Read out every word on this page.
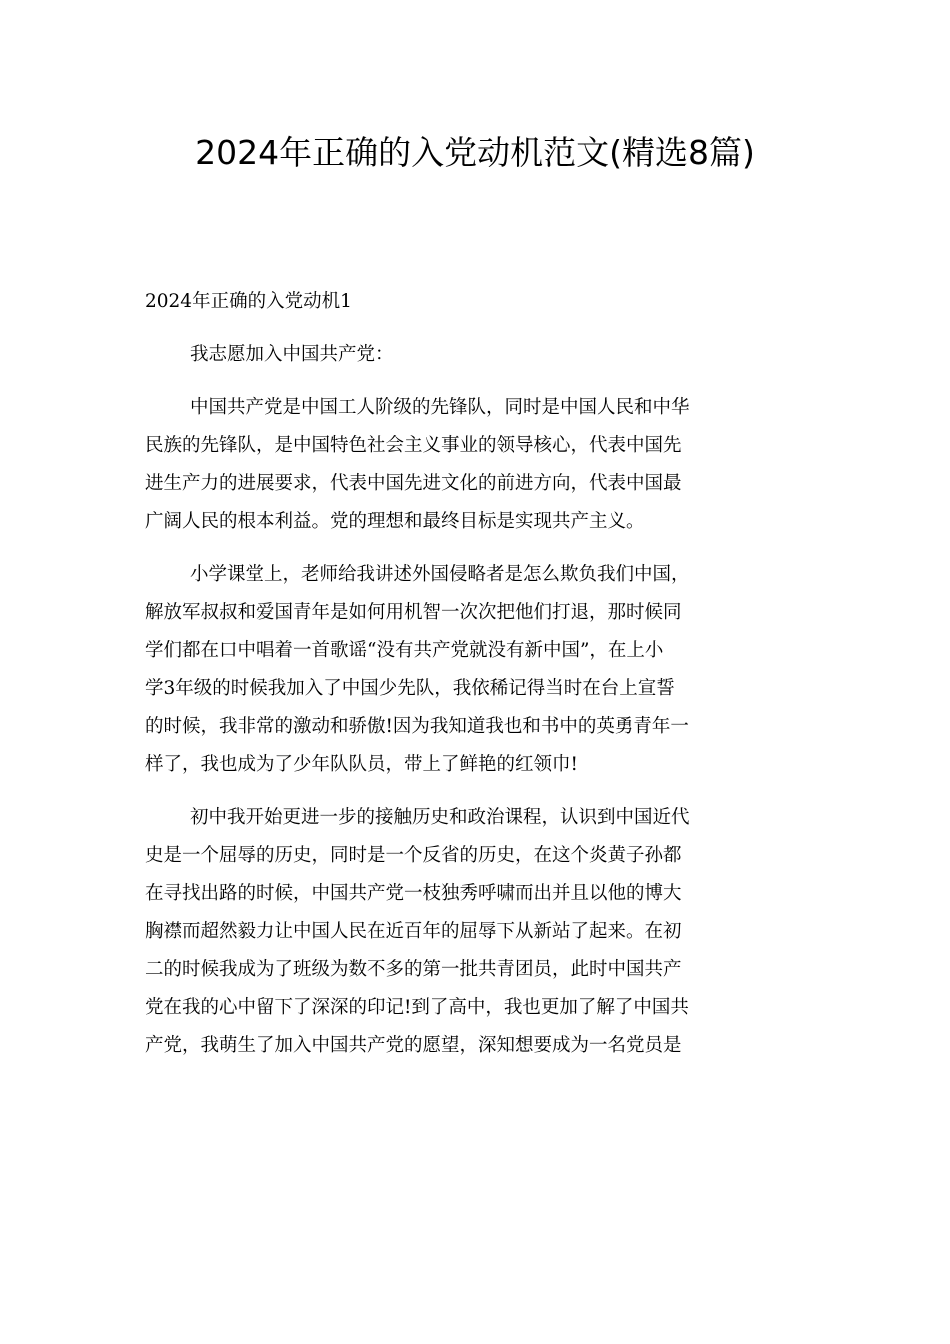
2024年正确的入党动机范文(精选8篇)
2024年正确的入党动机1
我志愿加入中国共产党：
中国共产党是中国工人阶级的先锋队，同时是中国人民和中华
民族的先锋队，是中国特色社会主义事业的领导核心，代表中国先
进生产力的进展要求，代表中国先进文化的前进方向，代表中国最
广阔人民的根本利益。党的理想和最终目标是实现共产主义。
小学课堂上，老师给我讲述外国侵略者是怎么欺负我们中国，
解放军叔叔和爱国青年是如何用机智一次次把他们打退，那时候同
学们都在口中唱着一首歌谣“没有共产党就没有新中国”，在上小
学3年级的时候我加入了中国少先队，我依稀记得当时在台上宣誓
的时候，我非常的激动和骄傲!因为我知道我也和书中的英勇青年一
样了，我也成为了少年队队员，带上了鲜艳的红领巾!
初中我开始更进一步的接触历史和政治课程，认识到中国近代
史是一个屈辱的历史，同时是一个反省的历史，在这个炎黄子孙都
在寻找出路的时候，中国共产党一枝独秀呼啸而出并且以他的博大
胸襟而超然毅力让中国人民在近百年的屈辱下从新站了起来。在初
二的时候我成为了班级为数不多的第一批共青团员，此时中国共产
党在我的心中留下了深深的印记!到了高中，我也更加了解了中国共
产党，我萌生了加入中国共产党的愿望，深知想要成为一名党员是
